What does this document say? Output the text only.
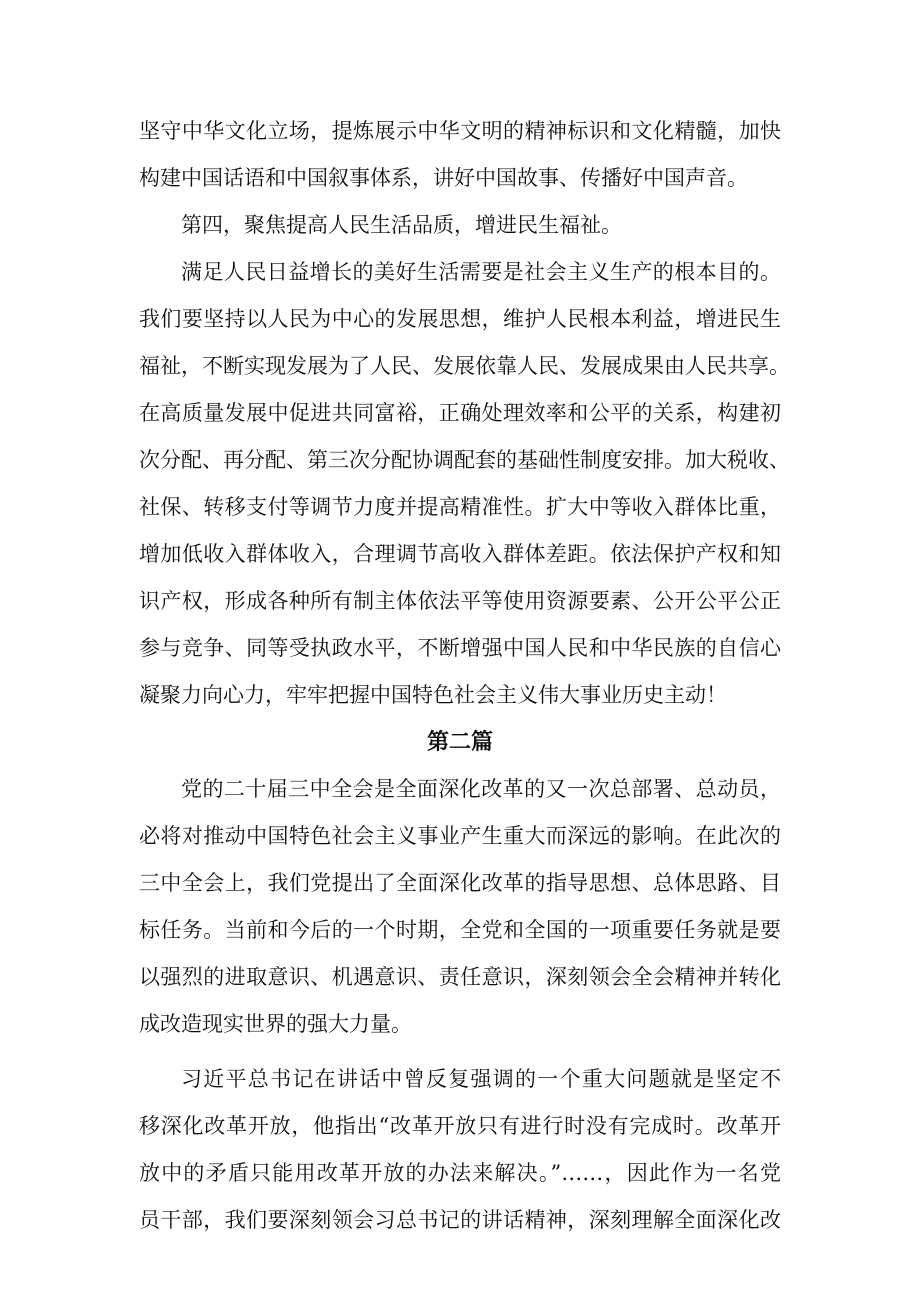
坚守中华文化立场，提炼展示中华文明的精神标识和文化精髓，加快
构建中国话语和中国叙事体系，讲好中国故事、传播好中国声音。
第四，聚焦提高人民生活品质，增进民生福祉。
满足人民日益增长的美好生活需要是社会主义生产的根本目的。
我们要坚持以人民为中心的发展思想，维护人民根本利益，增进民生
福祉，不断实现发展为了人民、发展依靠人民、发展成果由人民共享。
在高质量发展中促进共同富裕，正确处理效率和公平的关系，构建初
次分配、再分配、第三次分配协调配套的基础性制度安排。加大税收、
社保、转移支付等调节力度并提高精准性。扩大中等收入群体比重，
增加低收入群体收入，合理调节高收入群体差距。依法保护产权和知
识产权，形成各种所有制主体依法平等使用资源要素、公开公平公正
参与竞争、同等受执政水平，不断增强中国人民和中华民族的自信心
凝聚力向心力，牢牢把握中国特色社会主义伟大事业历史主动！
第二篇
党的二十届三中全会是全面深化改革的又一次总部署、总动员，
必将对推动中国特色社会主义事业产生重大而深远的影响。在此次的
三中全会上，我们党提出了全面深化改革的指导思想、总体思路、目
标任务。当前和今后的一个时期，全党和全国的一项重要任务就是要
以强烈的进取意识、机遇意识、责任意识，深刻领会全会精神并转化
成改造现实世界的强大力量。
习近平总书记在讲话中曾反复强调的一个重大问题就是坚定不
移深化改革开放，他指出“改革开放只有进行时没有完成时。改革开
放中的矛盾只能用改革开放的办法来解决。”……，因此作为一名党
员干部，我们要深刻领会习总书记的讲话精神，深刻理解全面深化改
